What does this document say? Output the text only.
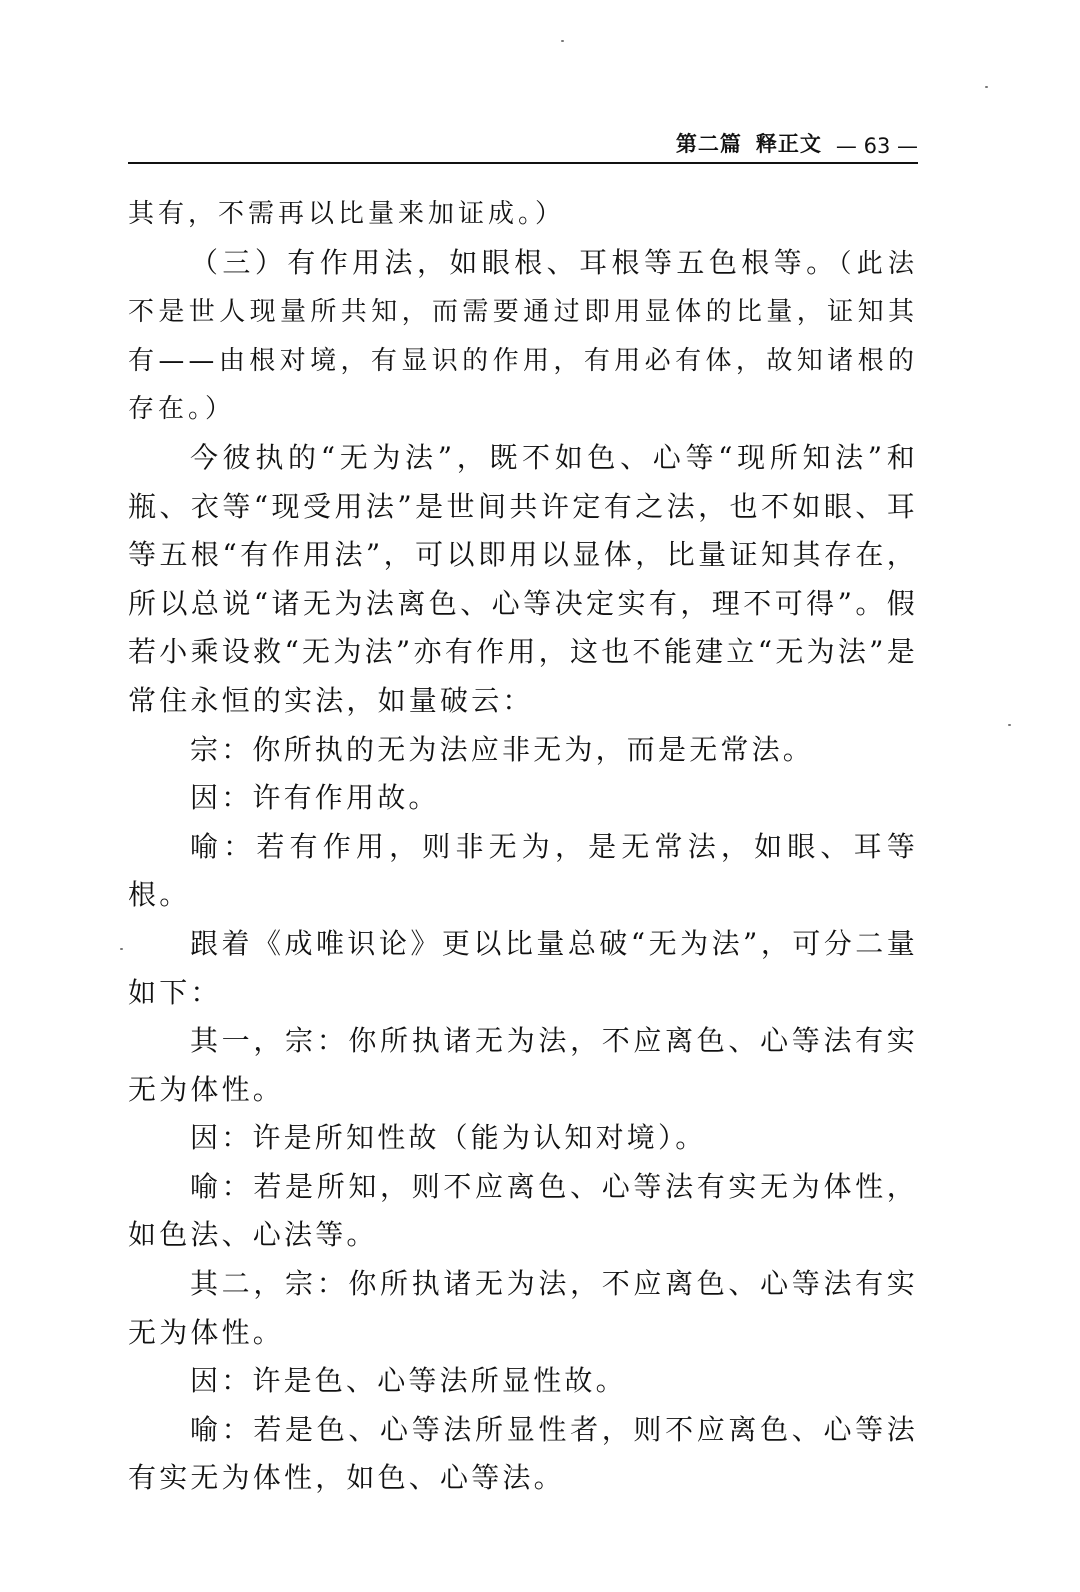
第二篇 释正文 — 63 —

其有，不需再以比量来加证成。）

（三）有作用法，如眼根、耳根等五色根等。（此法不是世人现量所共知，而需要通过即用显体的比量，证知其有——由根对境，有显识的作用，有用必有体，故知诸根的存在。）

今彼执的“无为法”，既不如色、心等“现所知法”和瓶、衣等“现受用法”是世间共许定有之法，也不如眼、耳等五根“有作用法”，可以即用以显体，比量证知其存在，所以总说“诸无为法离色、心等决定实有，理不可得”。假若小乘设救“无为法”亦有作用，这也不能建立“无为法”是常住永恒的实法，如量破云：

宗：你所执的无为法应非无为，而是无常法。

因：许有作用故。

喻：若有作用，则非无为，是无常法，如眼、耳等根。

跟着《成唯识论》更以比量总破“无为法”，可分二量如下：

其一，宗：你所执诸无为法，不应离色、心等法有实无为体性。

因：许是所知性故（能为认知对境）。

喻：若是所知，则不应离色、心等法有实无为体性，如色法、心法等。

其二，宗：你所执诸无为法，不应离色、心等法有实无为体性。

因：许是色、心等法所显性故。

喻：若是色、心等法所显性者，则不应离色、心等法有实无为体性，如色、心等法。
